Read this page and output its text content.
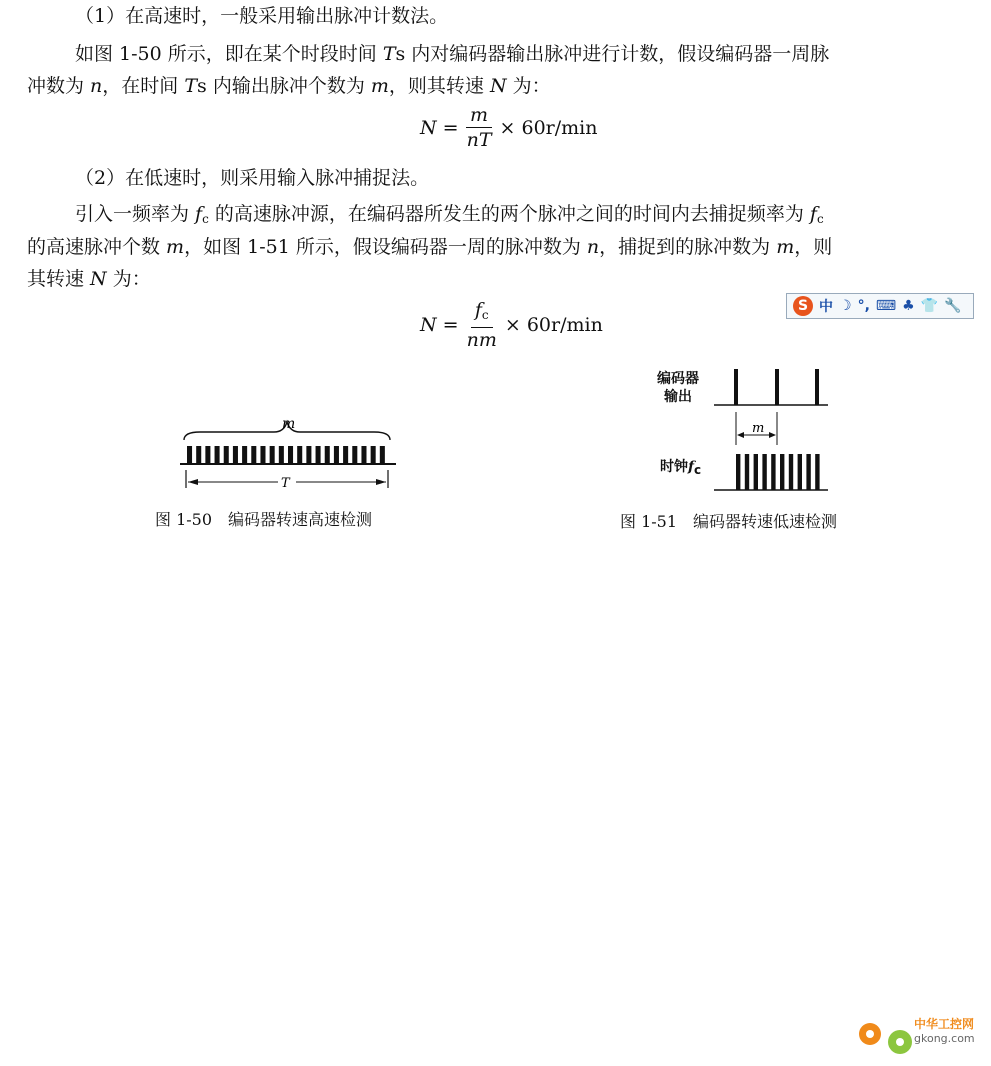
（1）在高速时，一般采用输出脉冲计数法。
如图 1-50 所示，即在某个时段时间 Ts 内对编码器输出脉冲进行计数，假设编码器一周脉
冲数为 n，在时间 Ts 内输出脉冲个数为 m，则其转速 N 为：
$N = \frac{m}{nT} \times 60r/\min$
（2）在低速时，则采用输入脉冲捕捉法。
引入一频率为 $f_c$ 的高速脉冲源，在编码器所发生的两个脉冲之间的时间内去捕捉频率为 $f_c$
的高速脉冲个数 m，如图 1-51 所示，假设编码器一周的脉冲数为 n，捕捉到的脉冲数为 m，则
其转速 N 为：
$N = \frac{f_c}{nm} \times 60r/\min$
S 中 ☽ °, ⌨ ♣ 👕 🔧
m
T
图 1-50　编码器转速高速检测
编码器
输出
时钟fc
m
图 1-51　编码器转速低速检测
中华工控网
gkong.com
